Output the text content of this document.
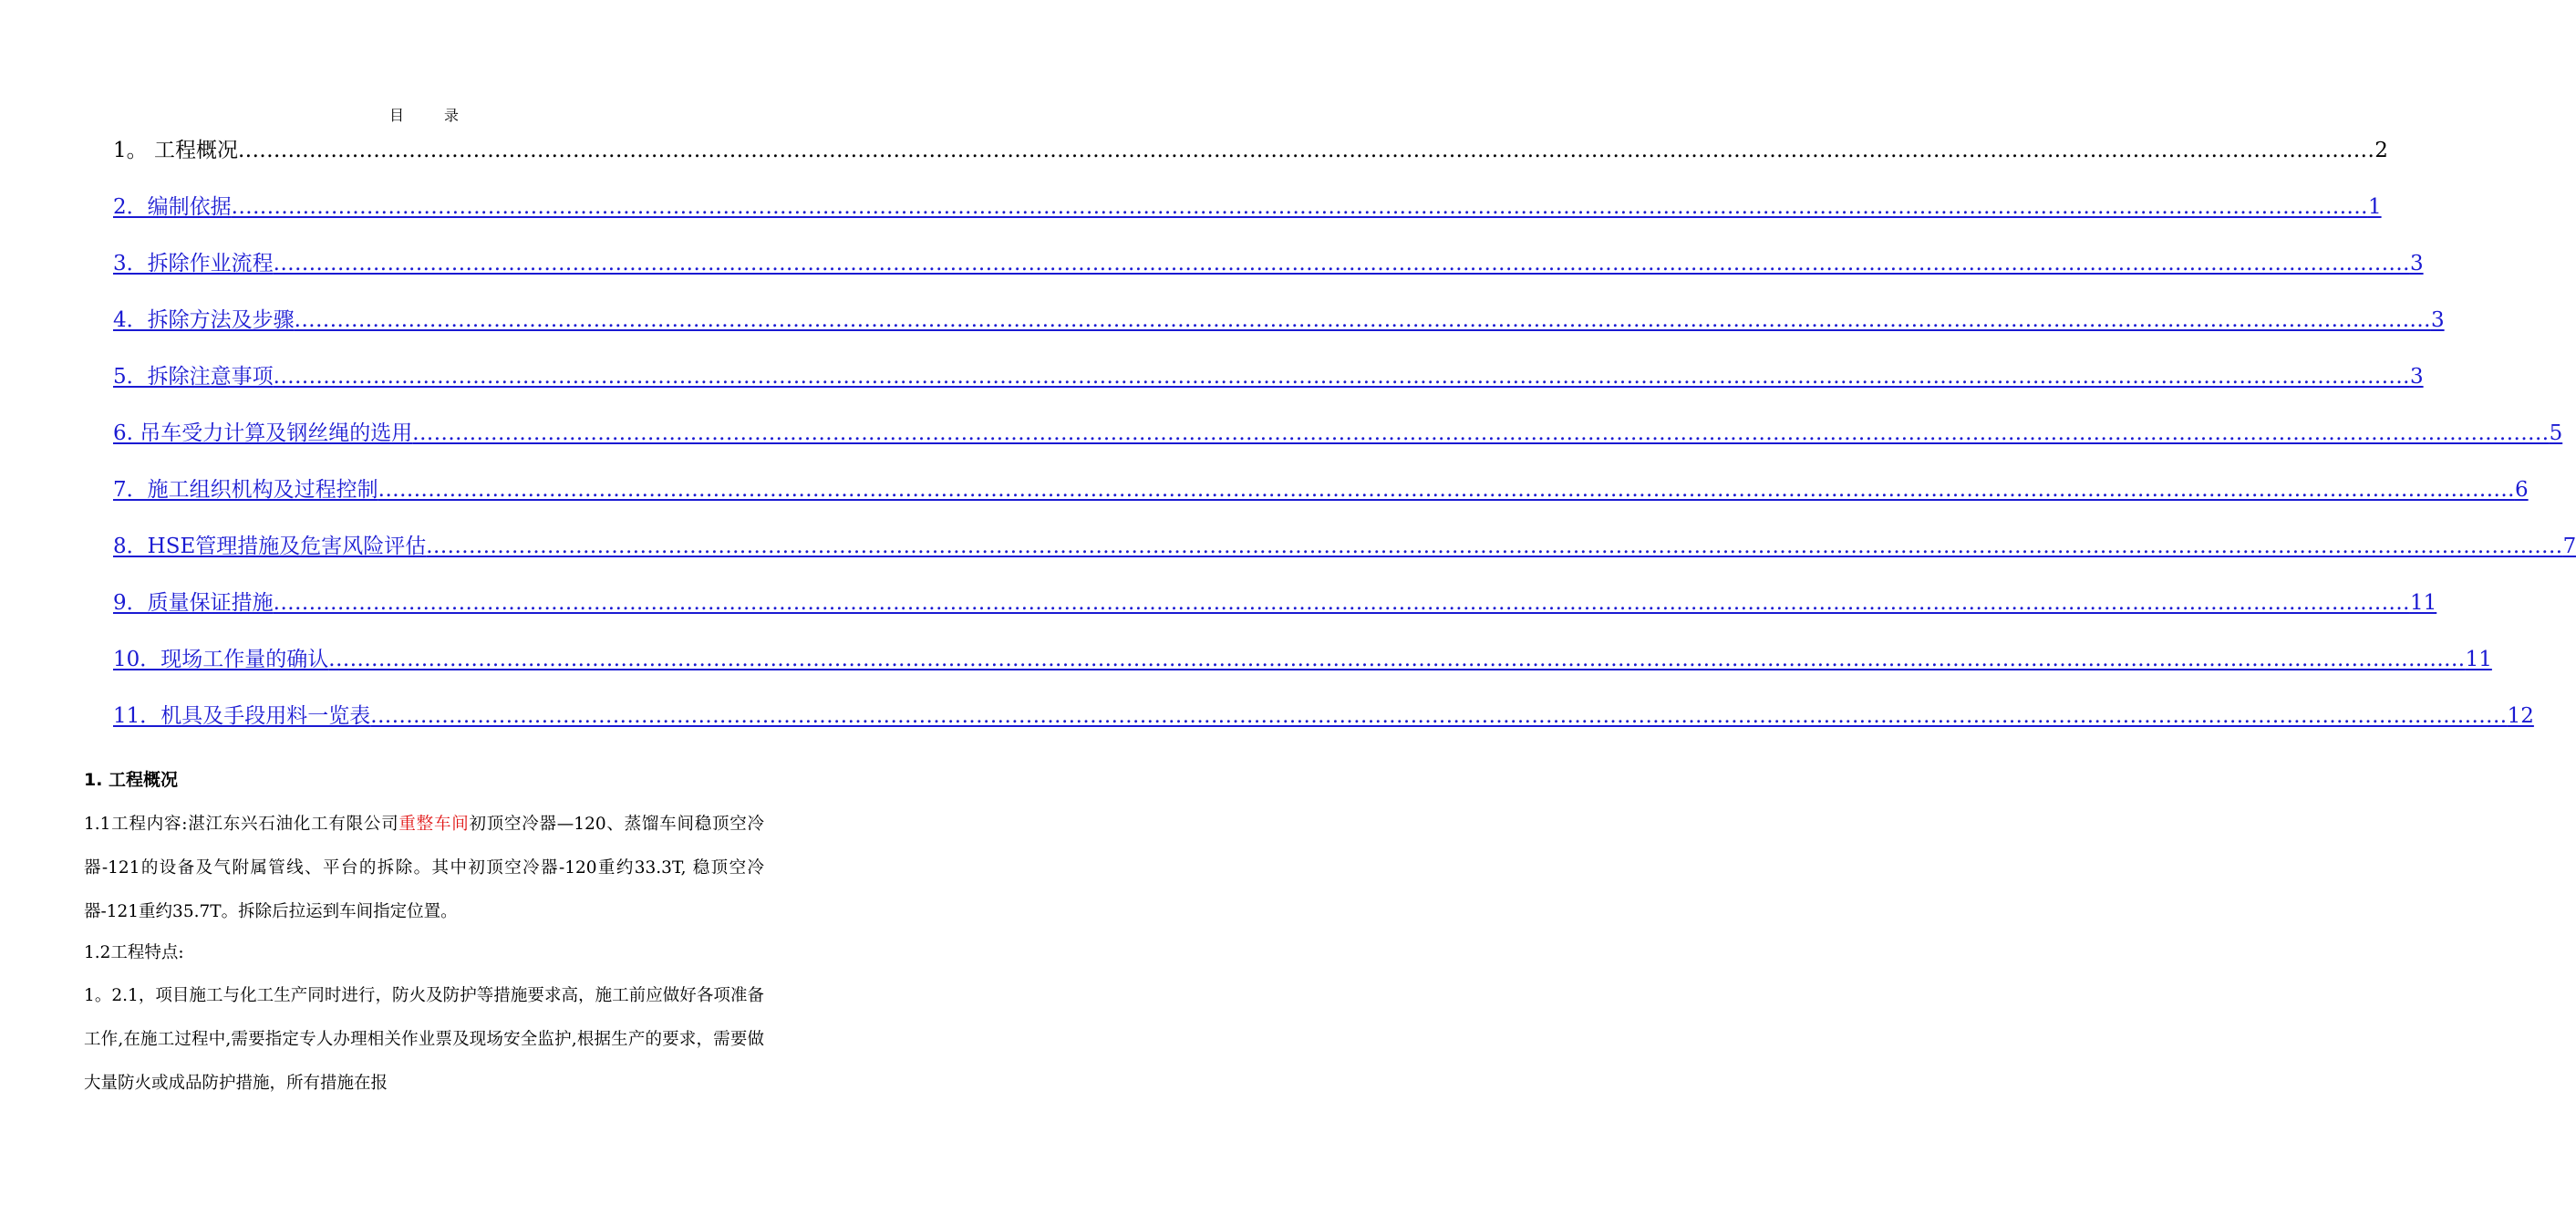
目	录
1。 工程概况 ............................................................................................................................................................................................................................................................................................................ 2
2．编制依据 ............................................................................................................................................................................................................................................................................................................ 1
3．拆除作业流程 ............................................................................................................................................................................................................................................................................................................ 3
4．拆除方法及步骤 ............................................................................................................................................................................................................................................................................................................ 3
5．拆除注意事项 ............................................................................................................................................................................................................................................................................................................ 3
6. 吊车受力计算及钢丝绳的选用 ............................................................................................................................................................................................................................................................................................................ 5
7．施工组织机构及过程控制 ............................................................................................................................................................................................................................................................................................................ 6
8．HSE管理措施及危害风险评估 ............................................................................................................................................................................................................................................................................................................ 7
9．质量保证措施 ............................................................................................................................................................................................................................................................................................................ 11
10．现场工作量的确认 ............................................................................................................................................................................................................................................................................................................ 11
11．机具及手段用料一览表 ............................................................................................................................................................................................................................................................................................................ 12
1. 工程概况
1.1工程内容:湛江东兴石油化工有限公司重整车间初顶空冷器—120、蒸馏车间稳顶空冷器-121的设备及气附属管线、平台的拆除。其中初顶空冷器-120重约33.3T, 稳顶空冷器-121重约35.7T。拆除后拉运到车间指定位置。
1.2工程特点:
1。2.1，项目施工与化工生产同时进行，防火及防护等措施要求高，施工前应做好各项准备工作,在施工过程中,需要指定专人办理相关作业票及现场安全监护,根据生产的要求，需要做大量防火或成品防护措施，所有措施在报
